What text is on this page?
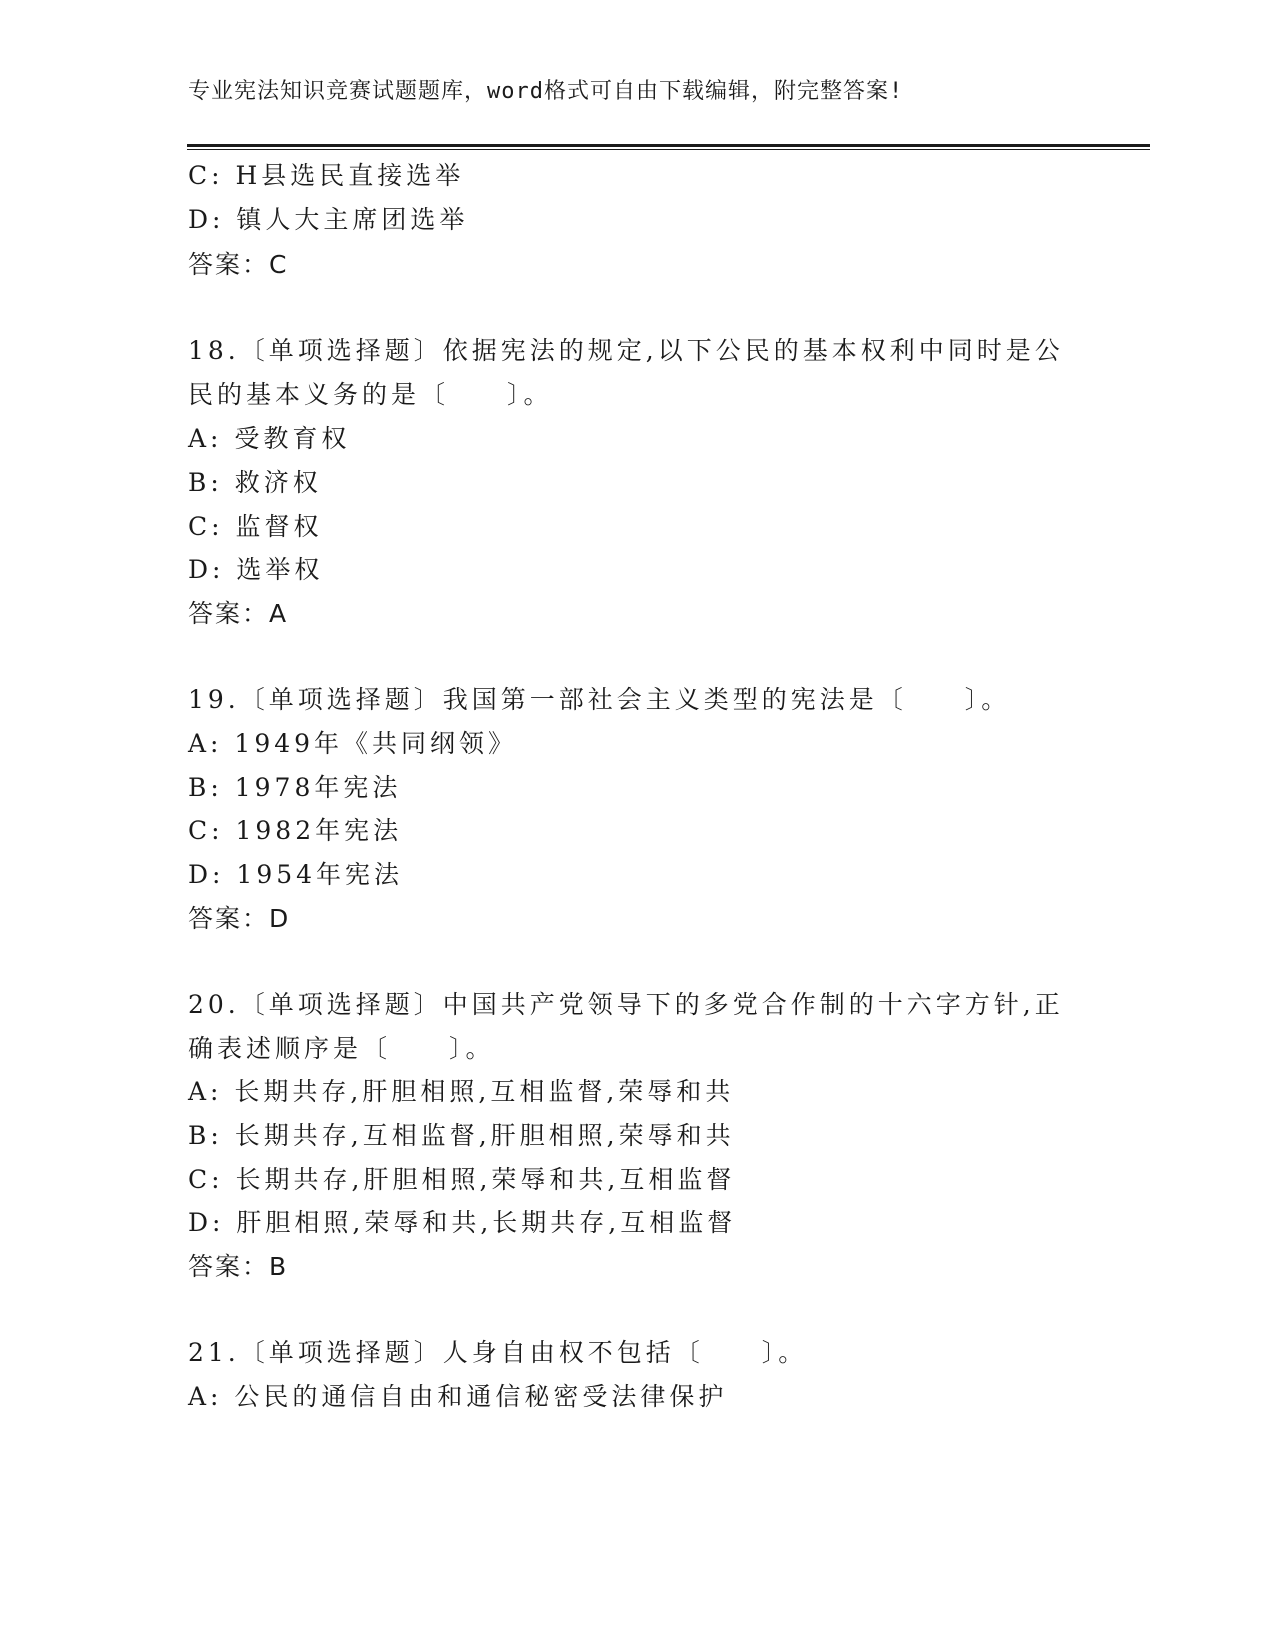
专业宪法知识竞赛试题题库，word格式可自由下载编辑，附完整答案!
C: H县选民直接选举
D: 镇人大主席团选举
答案：C
18.〔单项选择题〕依据宪法的规定,以下公民的基本权利中同时是公
民的基本义务的是〔　　〕。
A: 受教育权
B: 救济权
C: 监督权
D: 选举权
答案：A
19.〔单项选择题〕我国第一部社会主义类型的宪法是〔　　〕。
A: 1949年《共同纲领》
B: 1978年宪法
C: 1982年宪法
D: 1954年宪法
答案：D
20.〔单项选择题〕中国共产党领导下的多党合作制的十六字方针,正
确表述顺序是〔　　〕。
A: 长期共存,肝胆相照,互相监督,荣辱和共
B: 长期共存,互相监督,肝胆相照,荣辱和共
C: 长期共存,肝胆相照,荣辱和共,互相监督
D: 肝胆相照,荣辱和共,长期共存,互相监督
答案：B
21.〔单项选择题〕人身自由权不包括〔　　〕。
A: 公民的通信自由和通信秘密受法律保护
